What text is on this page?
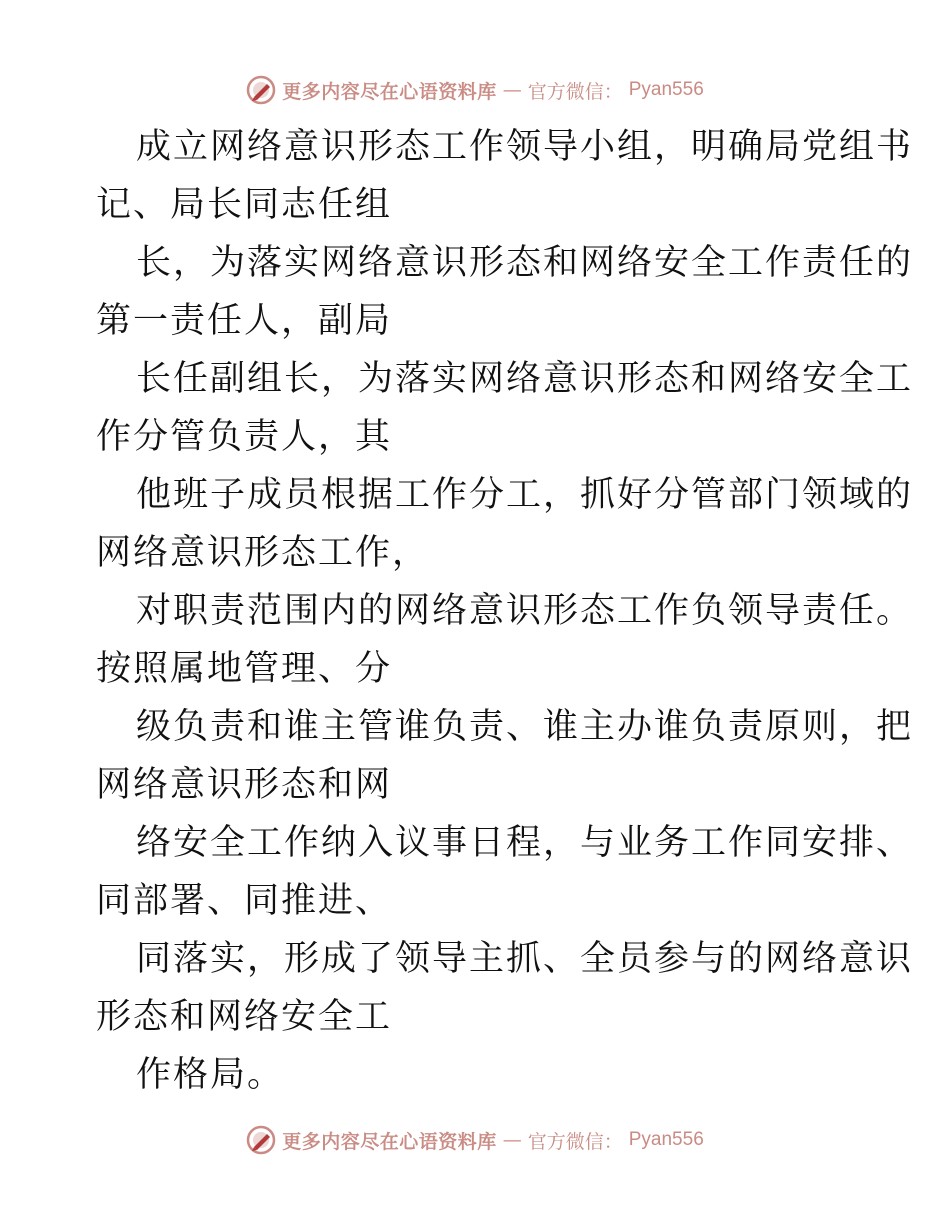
更多内容尽在心语资料库 — 官方微信： Pyan556
成立网络意识形态工作领导小组，明确局党组书
记、局长同志任组
长，为落实网络意识形态和网络安全工作责任的
第一责任人，副局
长任副组长，为落实网络意识形态和网络安全工
作分管负责人，其
他班子成员根据工作分工，抓好分管部门领域的
网络意识形态工作，
对职责范围内的网络意识形态工作负领导责任。
按照属地管理、分
级负责和谁主管谁负责、谁主办谁负责原则，把
网络意识形态和网
络安全工作纳入议事日程，与业务工作同安排、
同部署、同推进、
同落实，形成了领导主抓、全员参与的网络意识
形态和网络安全工
作格局。
更多内容尽在心语资料库 — 官方微信： Pyan556
